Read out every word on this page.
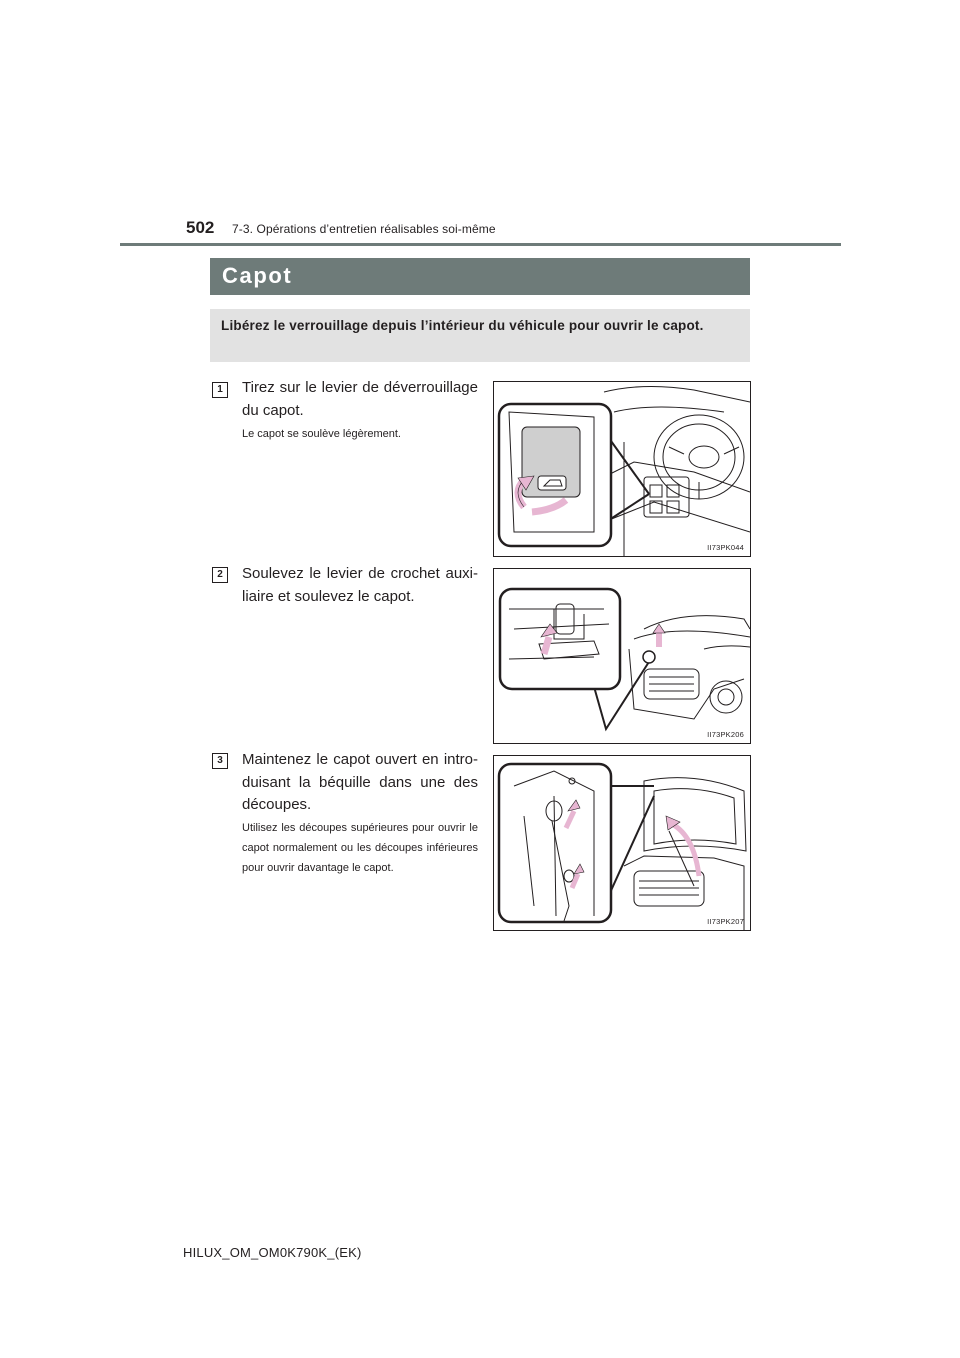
502 7-3. Opérations d’entretien réalisables soi-même
Capot
Libérez le verrouillage depuis l’intérieur du véhicule pour ouvrir le capot.
1	Tirez sur le levier de déverrouillage du capot.
Le capot se soulève légèrement.
II73PK044
2	Soulevez le levier de crochet auxi-liaire et soulevez le capot.
II73PK206
3	Maintenez le capot ouvert en intro-duisant la béquille dans une des découpes.
Utilisez les découpes supérieures pour ouvrir le capot normalement ou les découpes inférieures pour ouvrir davantage le capot.
II73PK207
HILUX_OM_OM0K790K_(EK)
